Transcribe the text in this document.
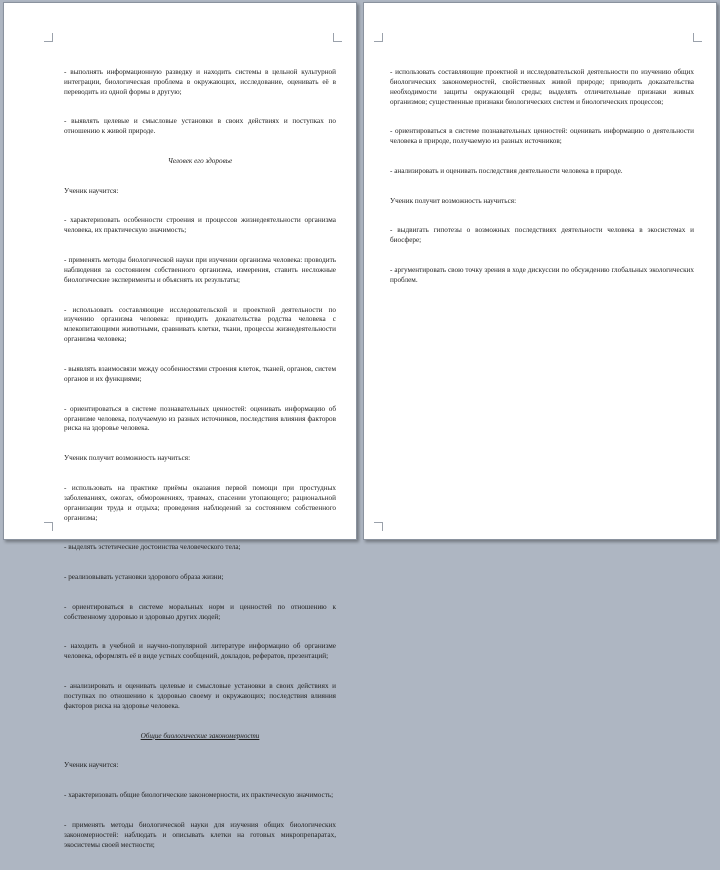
- выполнять информационную разведку и находить системы в цельной культурной интеграции, биологическая проблема в окружающих, исследование, оценивать её в переводить из одной формы в другую;

- выявлять целевые и смысловые установки в своих действиях и поступках по отношению к живой природе.

Человек его здоровье

Ученик научится:

- характеризовать особенности строения и процессов жизнедеятельности организма человека, их практическую значимость;

- применять методы биологической науки при изучении организма человека: проводить наблюдения за состоянием собственного организма, измерения, ставить несложные биологические эксперименты и объяснять их результаты;

- использовать составляющие исследовательской и проектной деятельности по изучению организма человека: приводить доказательства родства человека с млекопитающими животными, сравнивать клетки, ткани, процессы жизнедеятельности организма человека;

- выявлять взаимосвязи между особенностями строения клеток, тканей, органов, систем органов и их функциями;

- ориентироваться в системе познавательных ценностей: оценивать информацию об организме человека, получаемую из разных источников, последствия влияния факторов риска на здоровье человека.

Ученик получит возможность научиться:

- использовать на практике приёмы оказания первой помощи при простудных заболеваниях, ожогах, обморожениях, травмах, спасении утопающего; рациональной организации труда и отдыха; проведения наблюдений за состоянием собственного организма;

- выделять эстетические достоинства человеческого тела;

- реализовывать установки здорового образа жизни;

- ориентироваться в системе моральных норм и ценностей по отношению к собственному здоровью и здоровью других людей;

- находить в учебной и научно-популярной литературе информацию об организме человека, оформлять её в виде устных сообщений, докладов, рефератов, презентаций;

- анализировать и оценивать целевые и смысловые установки в своих действиях и поступках по отношению к здоровью своему и окружающих; последствия влияния факторов риска на здоровье человека.

Общие биологические закономерности

Ученик научится:

- характеризовать общие биологические закономерности, их практическую значимость;

- применять методы биологической науки для изучения общих биологических закономерностей: наблюдать и описывать клетки на готовых микропрепаратах, экосистемы своей местности;

- использовать составляющие проектной и исследовательской деятельности по изучению общих биологических закономерностей, свойственных живой природе; приводить доказательства необходимости защиты окружающей среды; выделять отличительные признаки живых организмов; существенные признаки биологических систем и биологических процессов;

- ориентироваться в системе познавательных ценностей: оценивать информацию о деятельности человека в природе, получаемую из разных источников;

- анализировать и оценивать последствия деятельности человека в природе.

Ученик получит возможность научиться:

- выдвигать гипотезы о возможных последствиях деятельности человека в экосистемах и биосфере;

- аргументировать свою точку зрения в ходе дискуссии по обсуждению глобальных экологических проблем.
